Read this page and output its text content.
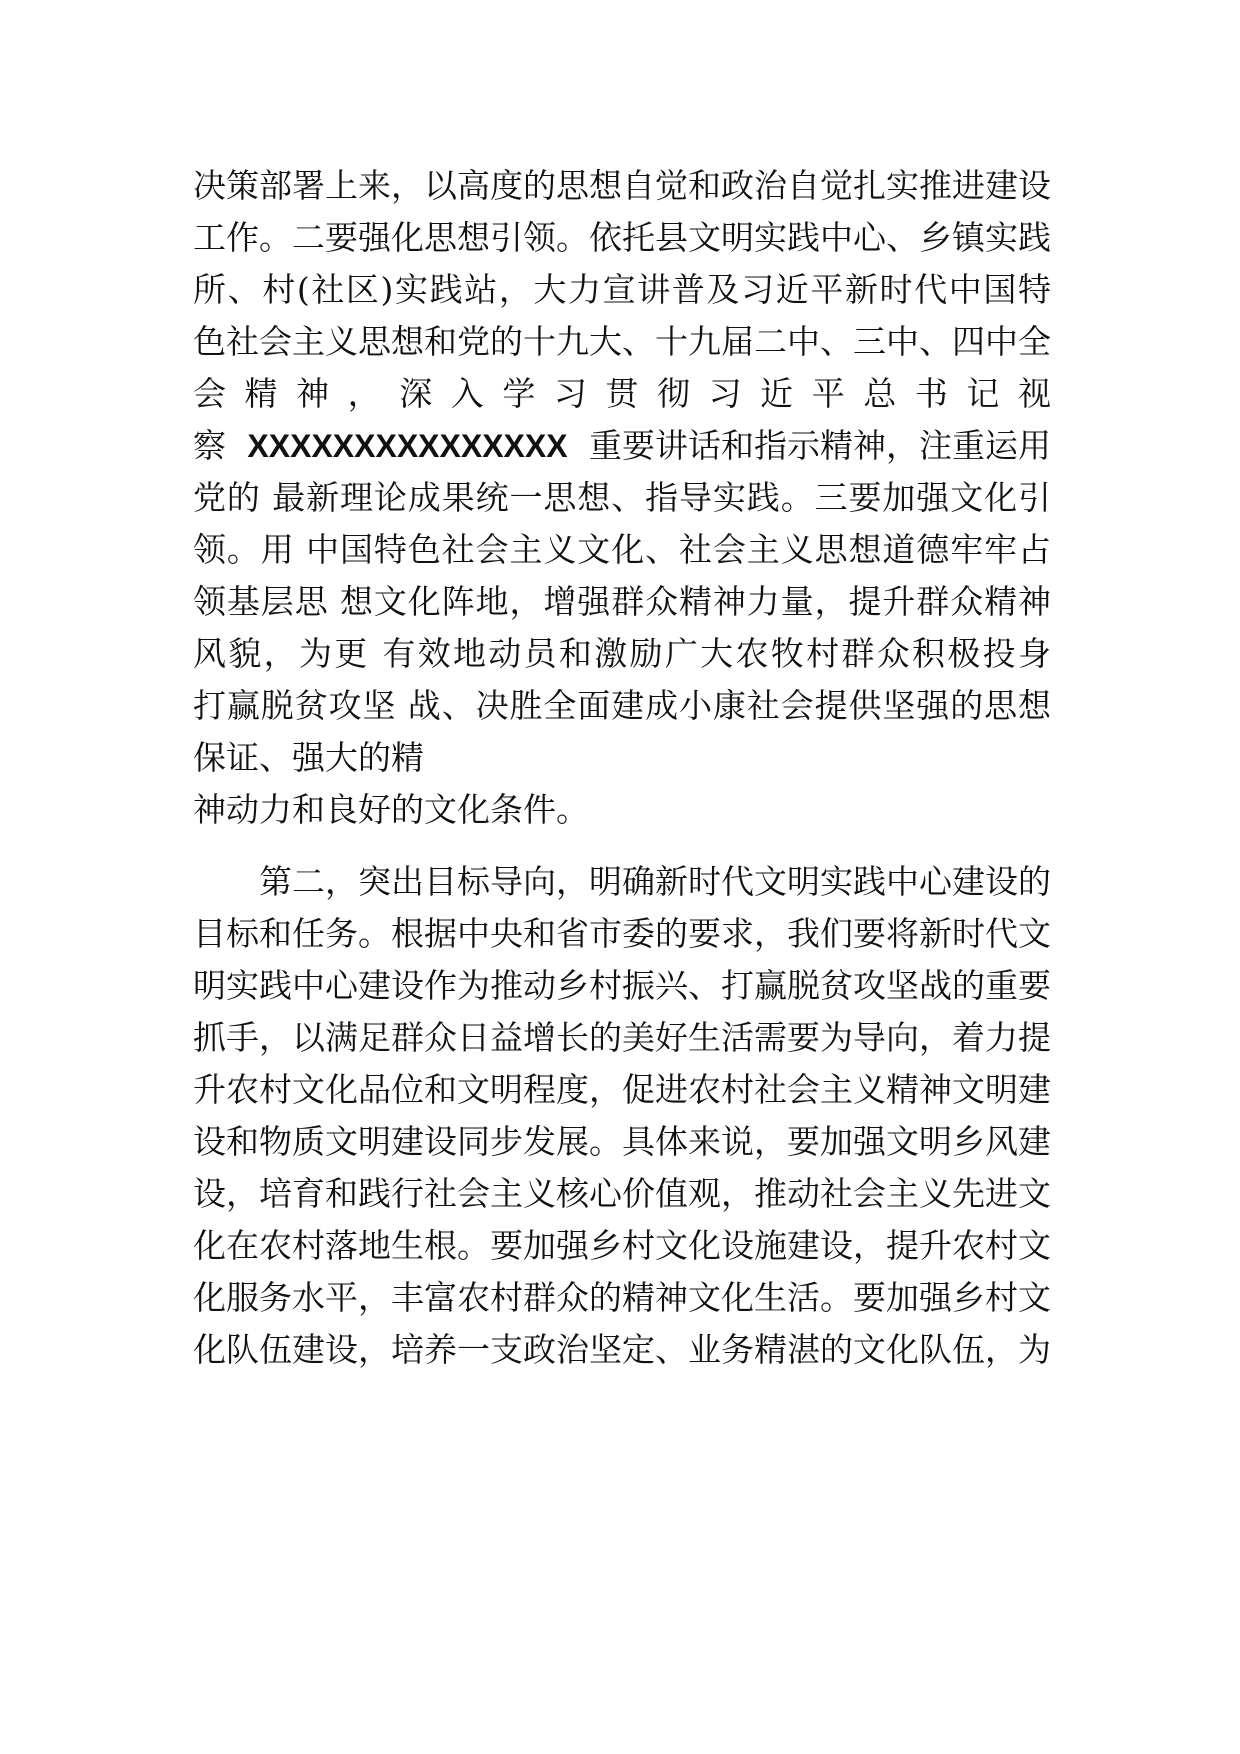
决策部署上来，以高度的思想自觉和政治自觉扎实推进建设
工作。二要强化思想引领。依托县文明实践中心、乡镇实践
所、村(社区)实践站，大力宣讲普及习近平新时代中国特
色社会主义思想和党的十九大、十九届二中、三中、四中全
会 精 神 ， 深 入 学 习 贯 彻 习 近 平 总 书 记 视
察 XXXXXXXXXXXXXXX 重要讲话和指示精神，注重运用
党的 最新理论成果统一思想、指导实践。三要加强文化引
领。用 中国特色社会主义文化、社会主义思想道德牢牢占
领基层思 想文化阵地，增强群众精神力量，提升群众精神
风貌，为更 有效地动员和激励广大农牧村群众积极投身
打赢脱贫攻坚 战、决胜全面建成小康社会提供坚强的思想
保证、强大的精
神动力和良好的文化条件。
第二，突出目标导向，明确新时代文明实践中心建设的
目标和任务。根据中央和省市委的要求，我们要将新时代文
明实践中心建设作为推动乡村振兴、打赢脱贫攻坚战的重要
抓手，以满足群众日益增长的美好生活需要为导向，着力提
升农村文化品位和文明程度，促进农村社会主义精神文明建
设和物质文明建设同步发展。具体来说，要加强文明乡风建
设，培育和践行社会主义核心价值观，推动社会主义先进文
化在农村落地生根。要加强乡村文化设施建设，提升农村文
化服务水平，丰富农村群众的精神文化生活。要加强乡村文
化队伍建设，培养一支政治坚定、业务精湛的文化队伍，为
